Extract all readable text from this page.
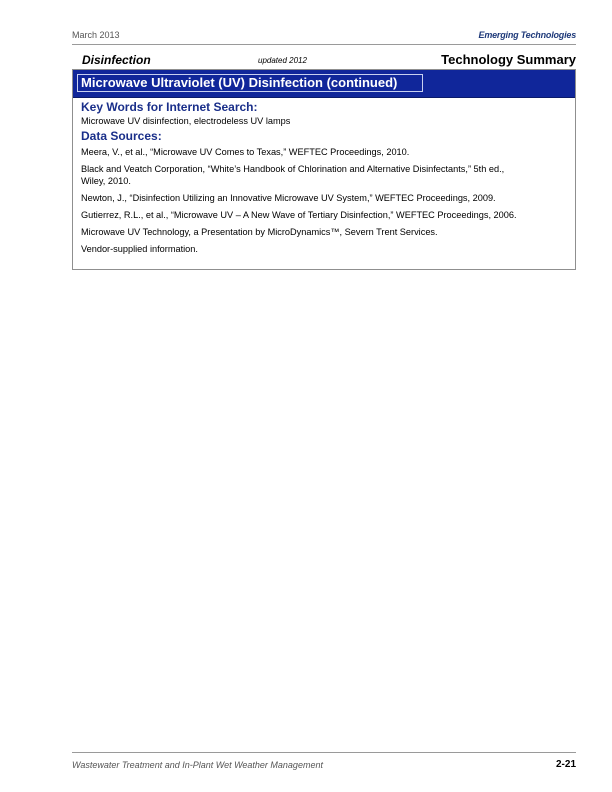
March 2013	Emerging Technologies
Disinfection	updated 2012	Technology Summary
Microwave Ultraviolet (UV) Disinfection (continued)

Key Words for Internet Search:

Microwave UV disinfection, electrodeless UV lamps

Data Sources:

Meera, V., et al., “Microwave UV Comes to Texas,” WEFTEC Proceedings, 2010.

Black and Veatch Corporation, “White’s Handbook of Chlorination and Alternative Disinfectants,” 5th ed.,

Wiley, 2010.

Newton, J., “Disinfection Utilizing an Innovative Microwave UV System,” WEFTEC Proceedings, 2009.

Gutierrez, R.L., et al., “Microwave UV – A New Wave of Tertiary Disinfection,” WEFTEC Proceedings, 2006.

Microwave UV Technology, a Presentation by MicroDynamics™, Severn Trent Services.

Vendor-supplied information.

Wastewater Treatment and In-Plant Wet Weather Management	2-21
